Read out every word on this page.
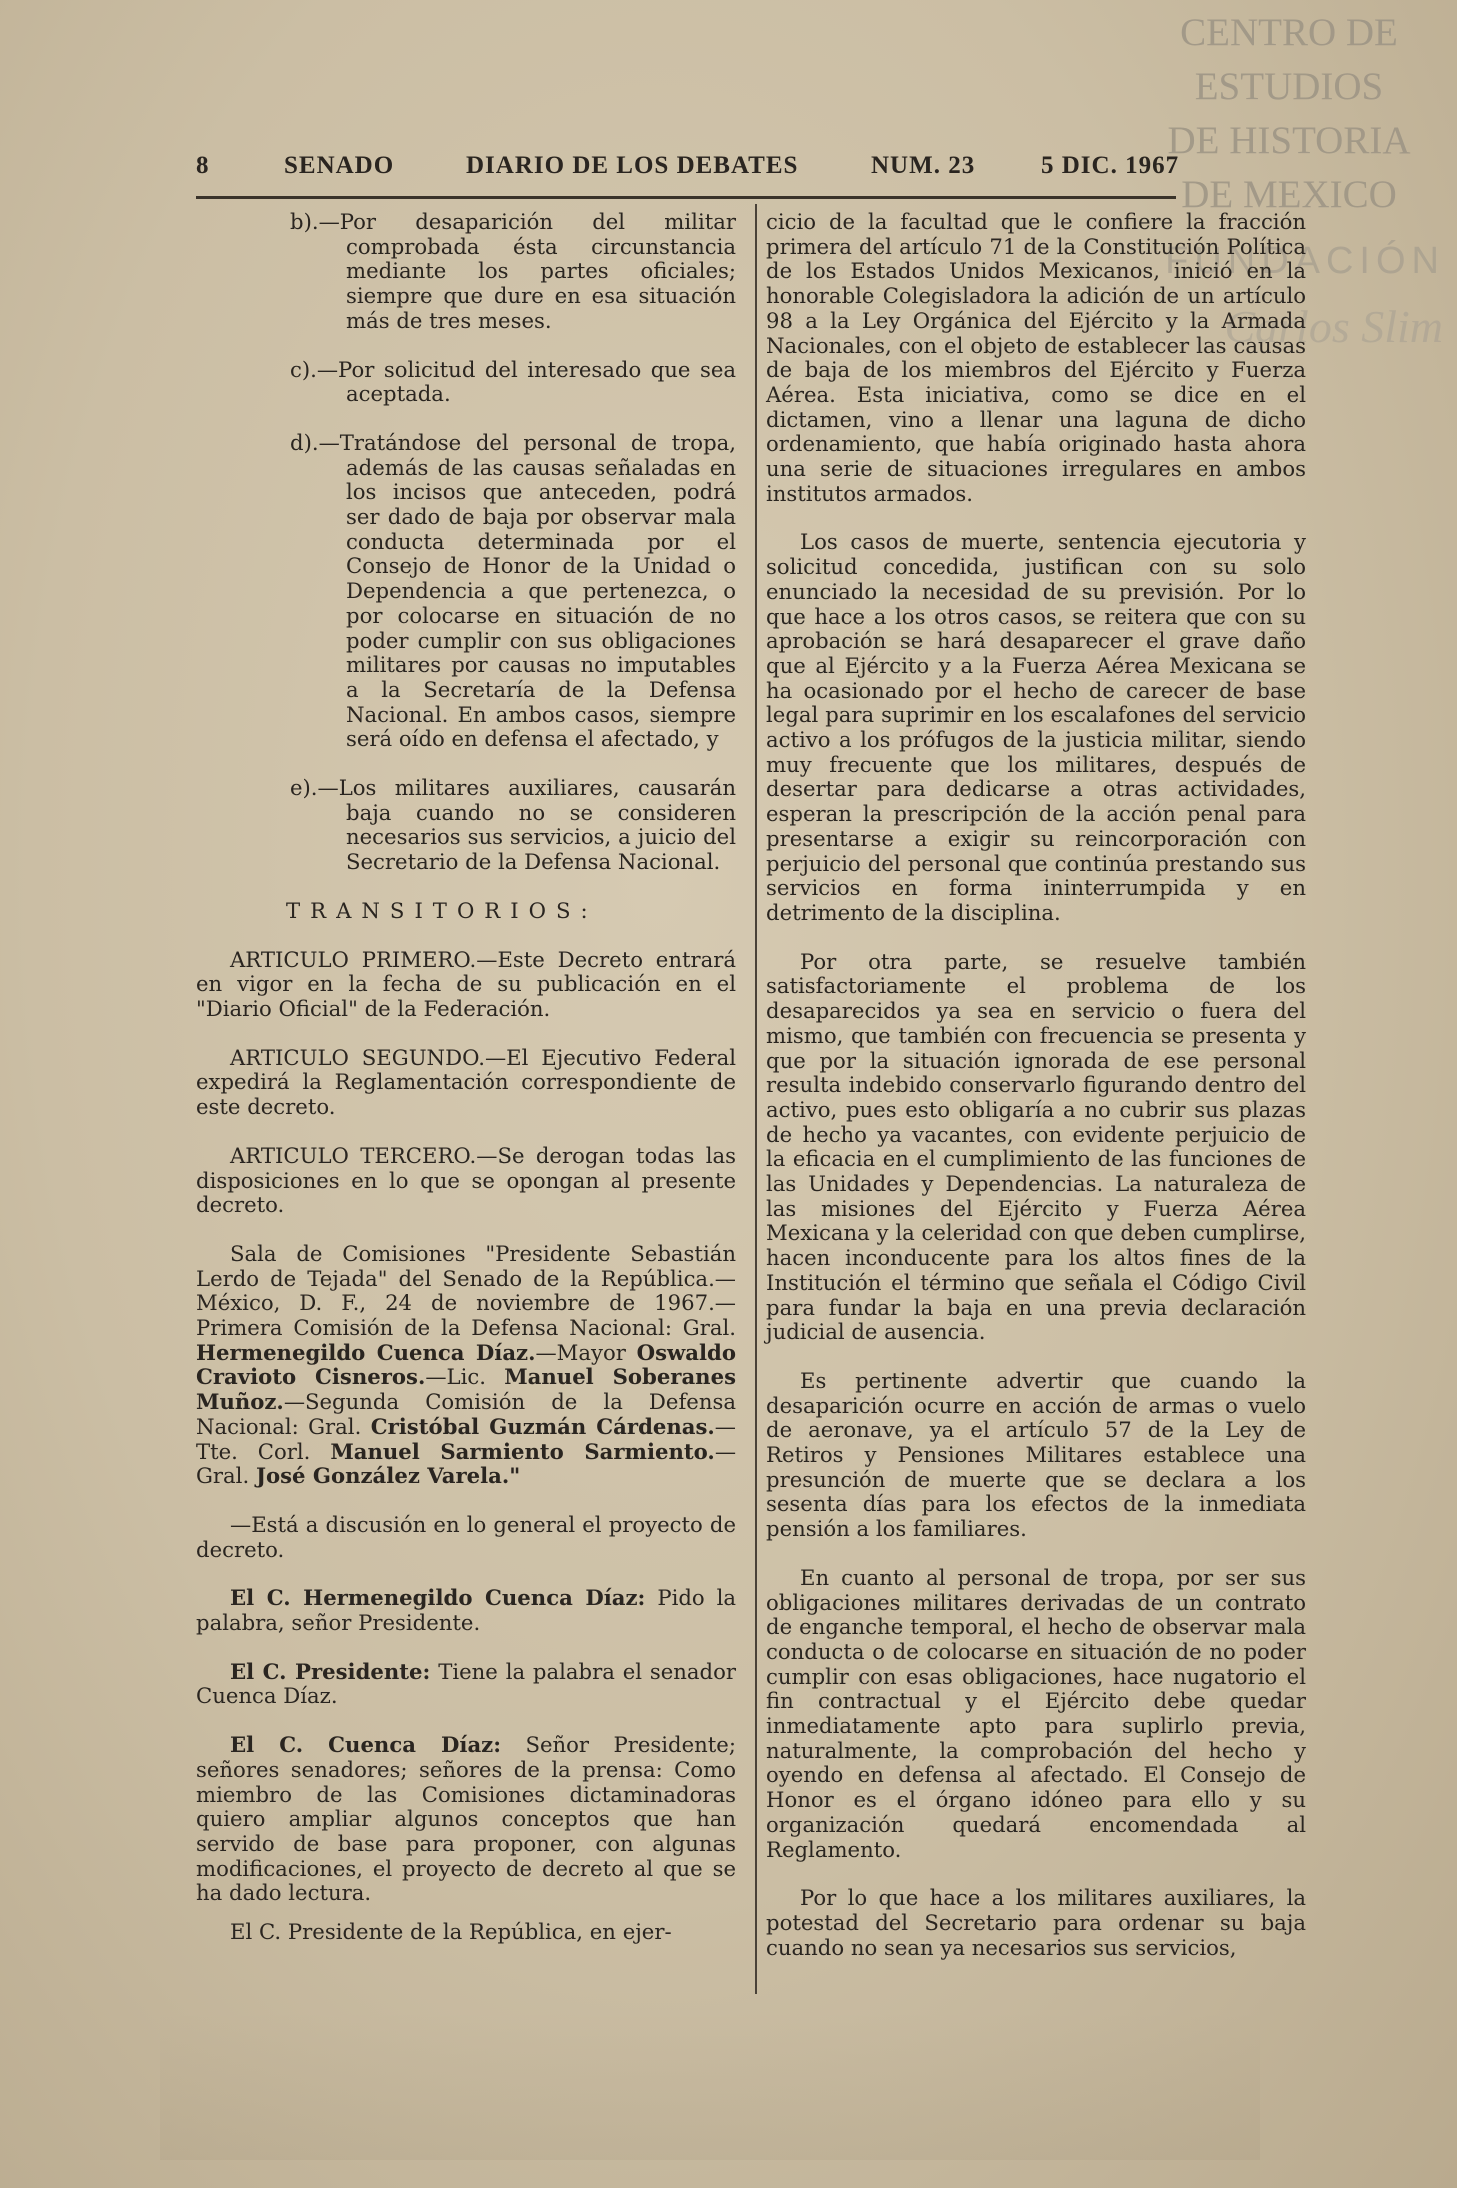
CENTRO DE
ESTUDIOS
DE HISTORIA
DE MEXICO
FUNDACIÓN
Carlos Slim
8	SENADO	DIARIO DE LOS DEBATES	NUM. 23	5 DIC. 1967

b).—Por desaparición del militar comprobada ésta circunstancia mediante los partes oficiales; siempre que dure en esa situación más de tres meses.

c).—Por solicitud del interesado que sea aceptada.

d).—Tratándose del personal de tropa, además de las causas señaladas en los incisos que anteceden, podrá ser dado de baja por observar mala conducta determinada por el Consejo de Honor de la Unidad o Dependencia a que pertenezca, o por colocarse en situación de no poder cumplir con sus obligaciones militares por causas no imputables a la Secretaría de la Defensa Nacional. En ambos casos, siempre será oído en defensa el afectado, y

e).—Los militares auxiliares, causarán baja cuando no se consideren necesarios sus servicios, a juicio del Secretario de la Defensa Nacional.

TRANSITORIOS:

ARTICULO PRIMERO.—Este Decreto entrará en vigor en la fecha de su publicación en el "Diario Oficial" de la Federación.

ARTICULO SEGUNDO.—El Ejecutivo Federal expedirá la Reglamentación correspondiente de este decreto.

ARTICULO TERCERO.—Se derogan todas las disposiciones en lo que se opongan al presente decreto.

Sala de Comisiones "Presidente Sebastián Lerdo de Tejada" del Senado de la República.—México, D. F., 24 de noviembre de 1967.—Primera Comisión de la Defensa Nacional: Gral. Hermenegildo Cuenca Díaz.—Mayor Oswaldo Cravioto Cisneros.—Lic. Manuel Soberanes Muñoz.—Segunda Comisión de la Defensa Nacional: Gral. Cristóbal Guzmán Cárdenas.—Tte. Corl. Manuel Sarmiento Sarmiento.—Gral. José González Varela."

—Está a discusión en lo general el proyecto de decreto.

El C. Hermenegildo Cuenca Díaz: Pido la palabra, señor Presidente.

El C. Presidente: Tiene la palabra el senador Cuenca Díaz.

El C. Cuenca Díaz: Señor Presidente; señores senadores; señores de la prensa: Como miembro de las Comisiones dictaminadoras quiero ampliar algunos conceptos que han servido de base para proponer, con algunas modificaciones, el proyecto de decreto al que se ha dado lectura.

El C. Presidente de la República, en ejer-

cicio de la facultad que le confiere la fracción primera del artículo 71 de la Constitución Política de los Estados Unidos Mexicanos, inició en la honorable Colegisladora la adición de un artículo 98 a la Ley Orgánica del Ejército y la Armada Nacionales, con el objeto de establecer las causas de baja de los miembros del Ejército y Fuerza Aérea. Esta iniciativa, como se dice en el dictamen, vino a llenar una laguna de dicho ordenamiento, que había originado hasta ahora una serie de situaciones irregulares en ambos institutos armados.

Los casos de muerte, sentencia ejecutoria y solicitud concedida, justifican con su solo enunciado la necesidad de su previsión. Por lo que hace a los otros casos, se reitera que con su aprobación se hará desaparecer el grave daño que al Ejército y a la Fuerza Aérea Mexicana se ha ocasionado por el hecho de carecer de base legal para suprimir en los escalafones del servicio activo a los prófugos de la justicia militar, siendo muy frecuente que los militares, después de desertar para dedicarse a otras actividades, esperan la prescripción de la acción penal para presentarse a exigir su reincorporación con perjuicio del personal que continúa prestando sus servicios en forma ininterrumpida y en detrimento de la disciplina.

Por otra parte, se resuelve también satisfactoriamente el problema de los desaparecidos ya sea en servicio o fuera del mismo, que también con frecuencia se presenta y que por la situación ignorada de ese personal resulta indebido conservarlo figurando dentro del activo, pues esto obligaría a no cubrir sus plazas de hecho ya vacantes, con evidente perjuicio de la eficacia en el cumplimiento de las funciones de las Unidades y Dependencias. La naturaleza de las misiones del Ejército y Fuerza Aérea Mexicana y la celeridad con que deben cumplirse, hacen inconducente para los altos fines de la Institución el término que señala el Código Civil para fundar la baja en una previa declaración judicial de ausencia.

Es pertinente advertir que cuando la desaparición ocurre en acción de armas o vuelo de aeronave, ya el artículo 57 de la Ley de Retiros y Pensiones Militares establece una presunción de muerte que se declara a los sesenta días para los efectos de la inmediata pensión a los familiares.

En cuanto al personal de tropa, por ser sus obligaciones militares derivadas de un contrato de enganche temporal, el hecho de observar mala conducta o de colocarse en situación de no poder cumplir con esas obligaciones, hace nugatorio el fin contractual y el Ejército debe quedar inmediatamente apto para suplirlo previa, naturalmente, la comprobación del hecho y oyendo en defensa al afectado. El Consejo de Honor es el órgano idóneo para ello y su organización quedará encomendada al Reglamento.

Por lo que hace a los militares auxiliares, la potestad del Secretario para ordenar su baja cuando no sean ya necesarios sus servicios,
